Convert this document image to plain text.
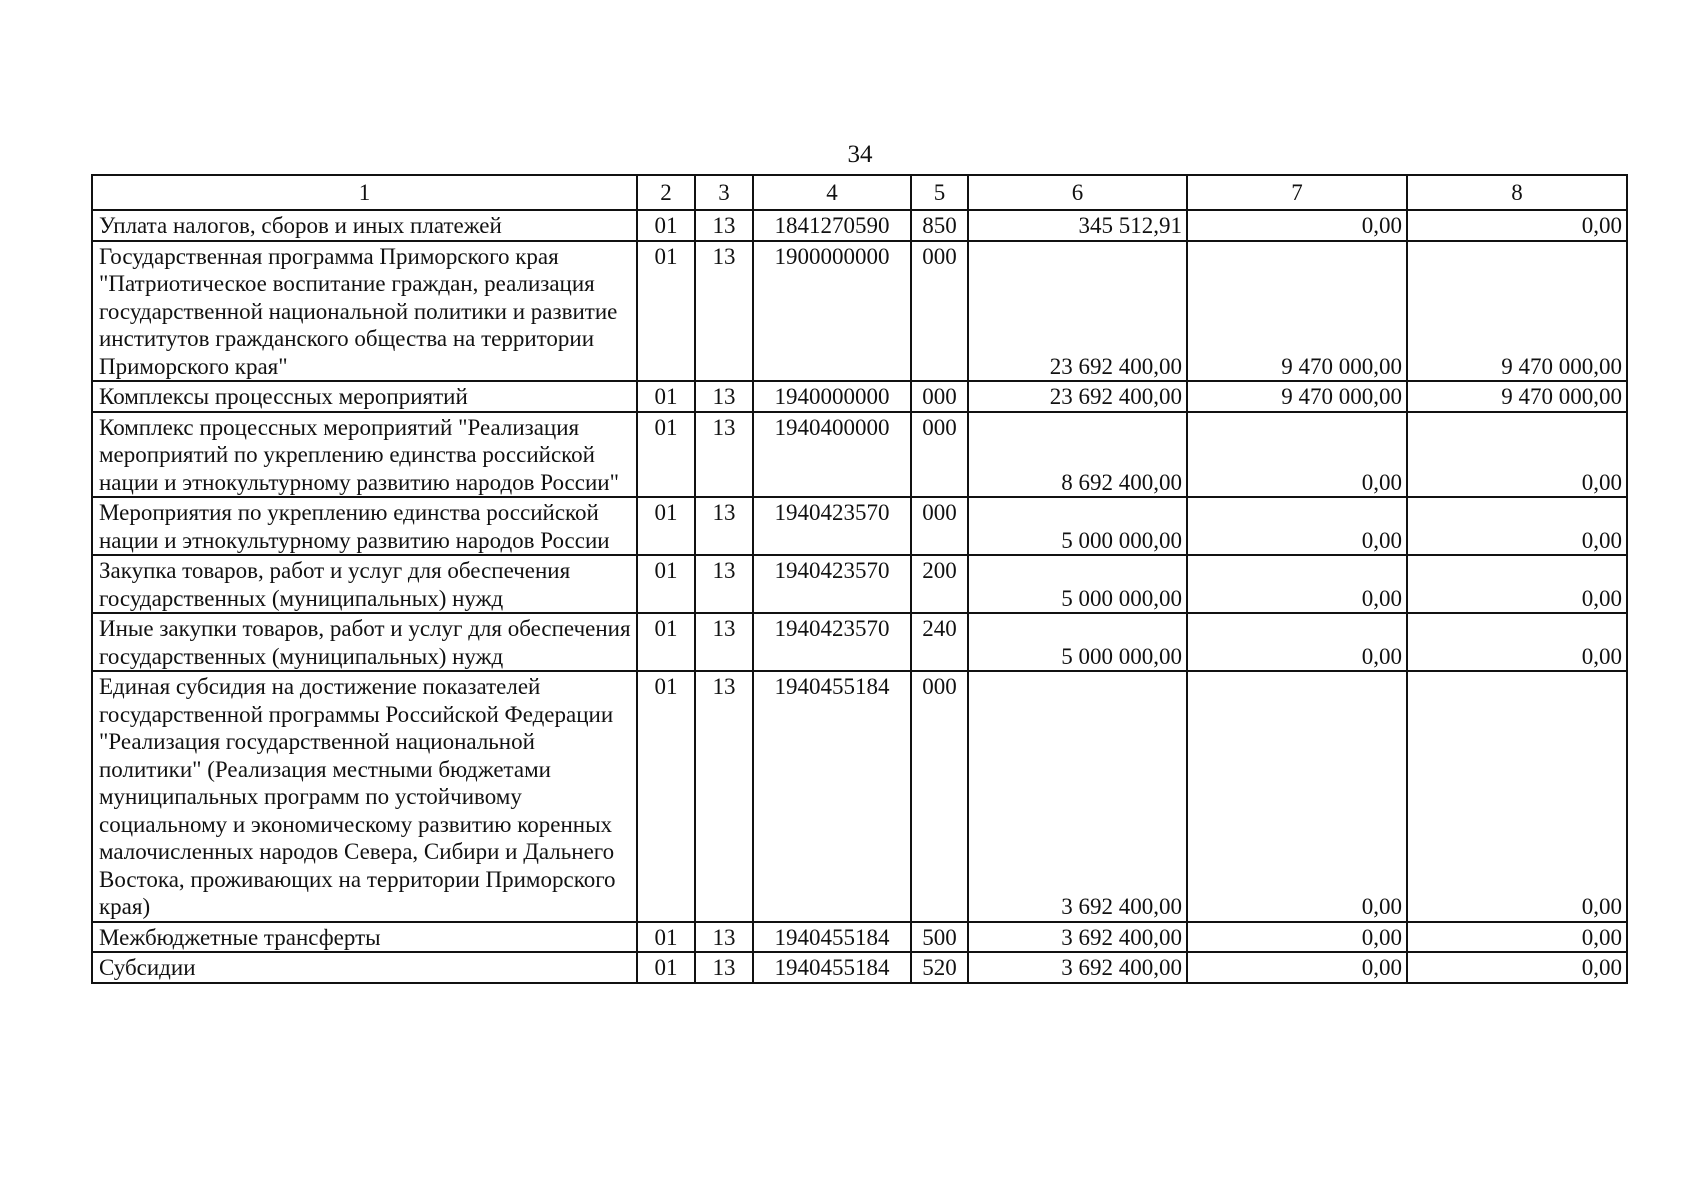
34
1	2	3	4	5	6	7	8
Уплата налогов, сборов и иных платежей	01	13	1841270590	850	345 512,91	0,00	0,00
Государственная программа Приморского края "Патриотическое воспитание граждан, реализация государственной национальной политики и развитие институтов гражданского общества на территории Приморского края"	01	13	1900000000	000	23 692 400,00	9 470 000,00	9 470 000,00
Комплексы процессных мероприятий	01	13	1940000000	000	23 692 400,00	9 470 000,00	9 470 000,00
Комплекс процессных мероприятий "Реализация мероприятий по укреплению единства российской нации и этнокультурному развитию народов России"	01	13	1940400000	000	8 692 400,00	0,00	0,00
Мероприятия по укреплению единства российской нации и этнокультурному развитию народов России	01	13	1940423570	000	5 000 000,00	0,00	0,00
Закупка товаров, работ и услуг для обеспечения государственных (муниципальных) нужд	01	13	1940423570	200	5 000 000,00	0,00	0,00
Иные закупки товаров, работ и услуг для обеспечения государственных (муниципальных) нужд	01	13	1940423570	240	5 000 000,00	0,00	0,00
Единая субсидия на достижение показателей государственной программы Российской Федерации "Реализация государственной национальной политики" (Реализация местными бюджетами муниципальных программ по устойчивому социальному и экономическому развитию коренных малочисленных народов Севера, Сибири и Дальнего Востока, проживающих на территории Приморского края)	01	13	1940455184	000	3 692 400,00	0,00	0,00
Межбюджетные трансферты	01	13	1940455184	500	3 692 400,00	0,00	0,00
Субсидии	01	13	1940455184	520	3 692 400,00	0,00	0,00
